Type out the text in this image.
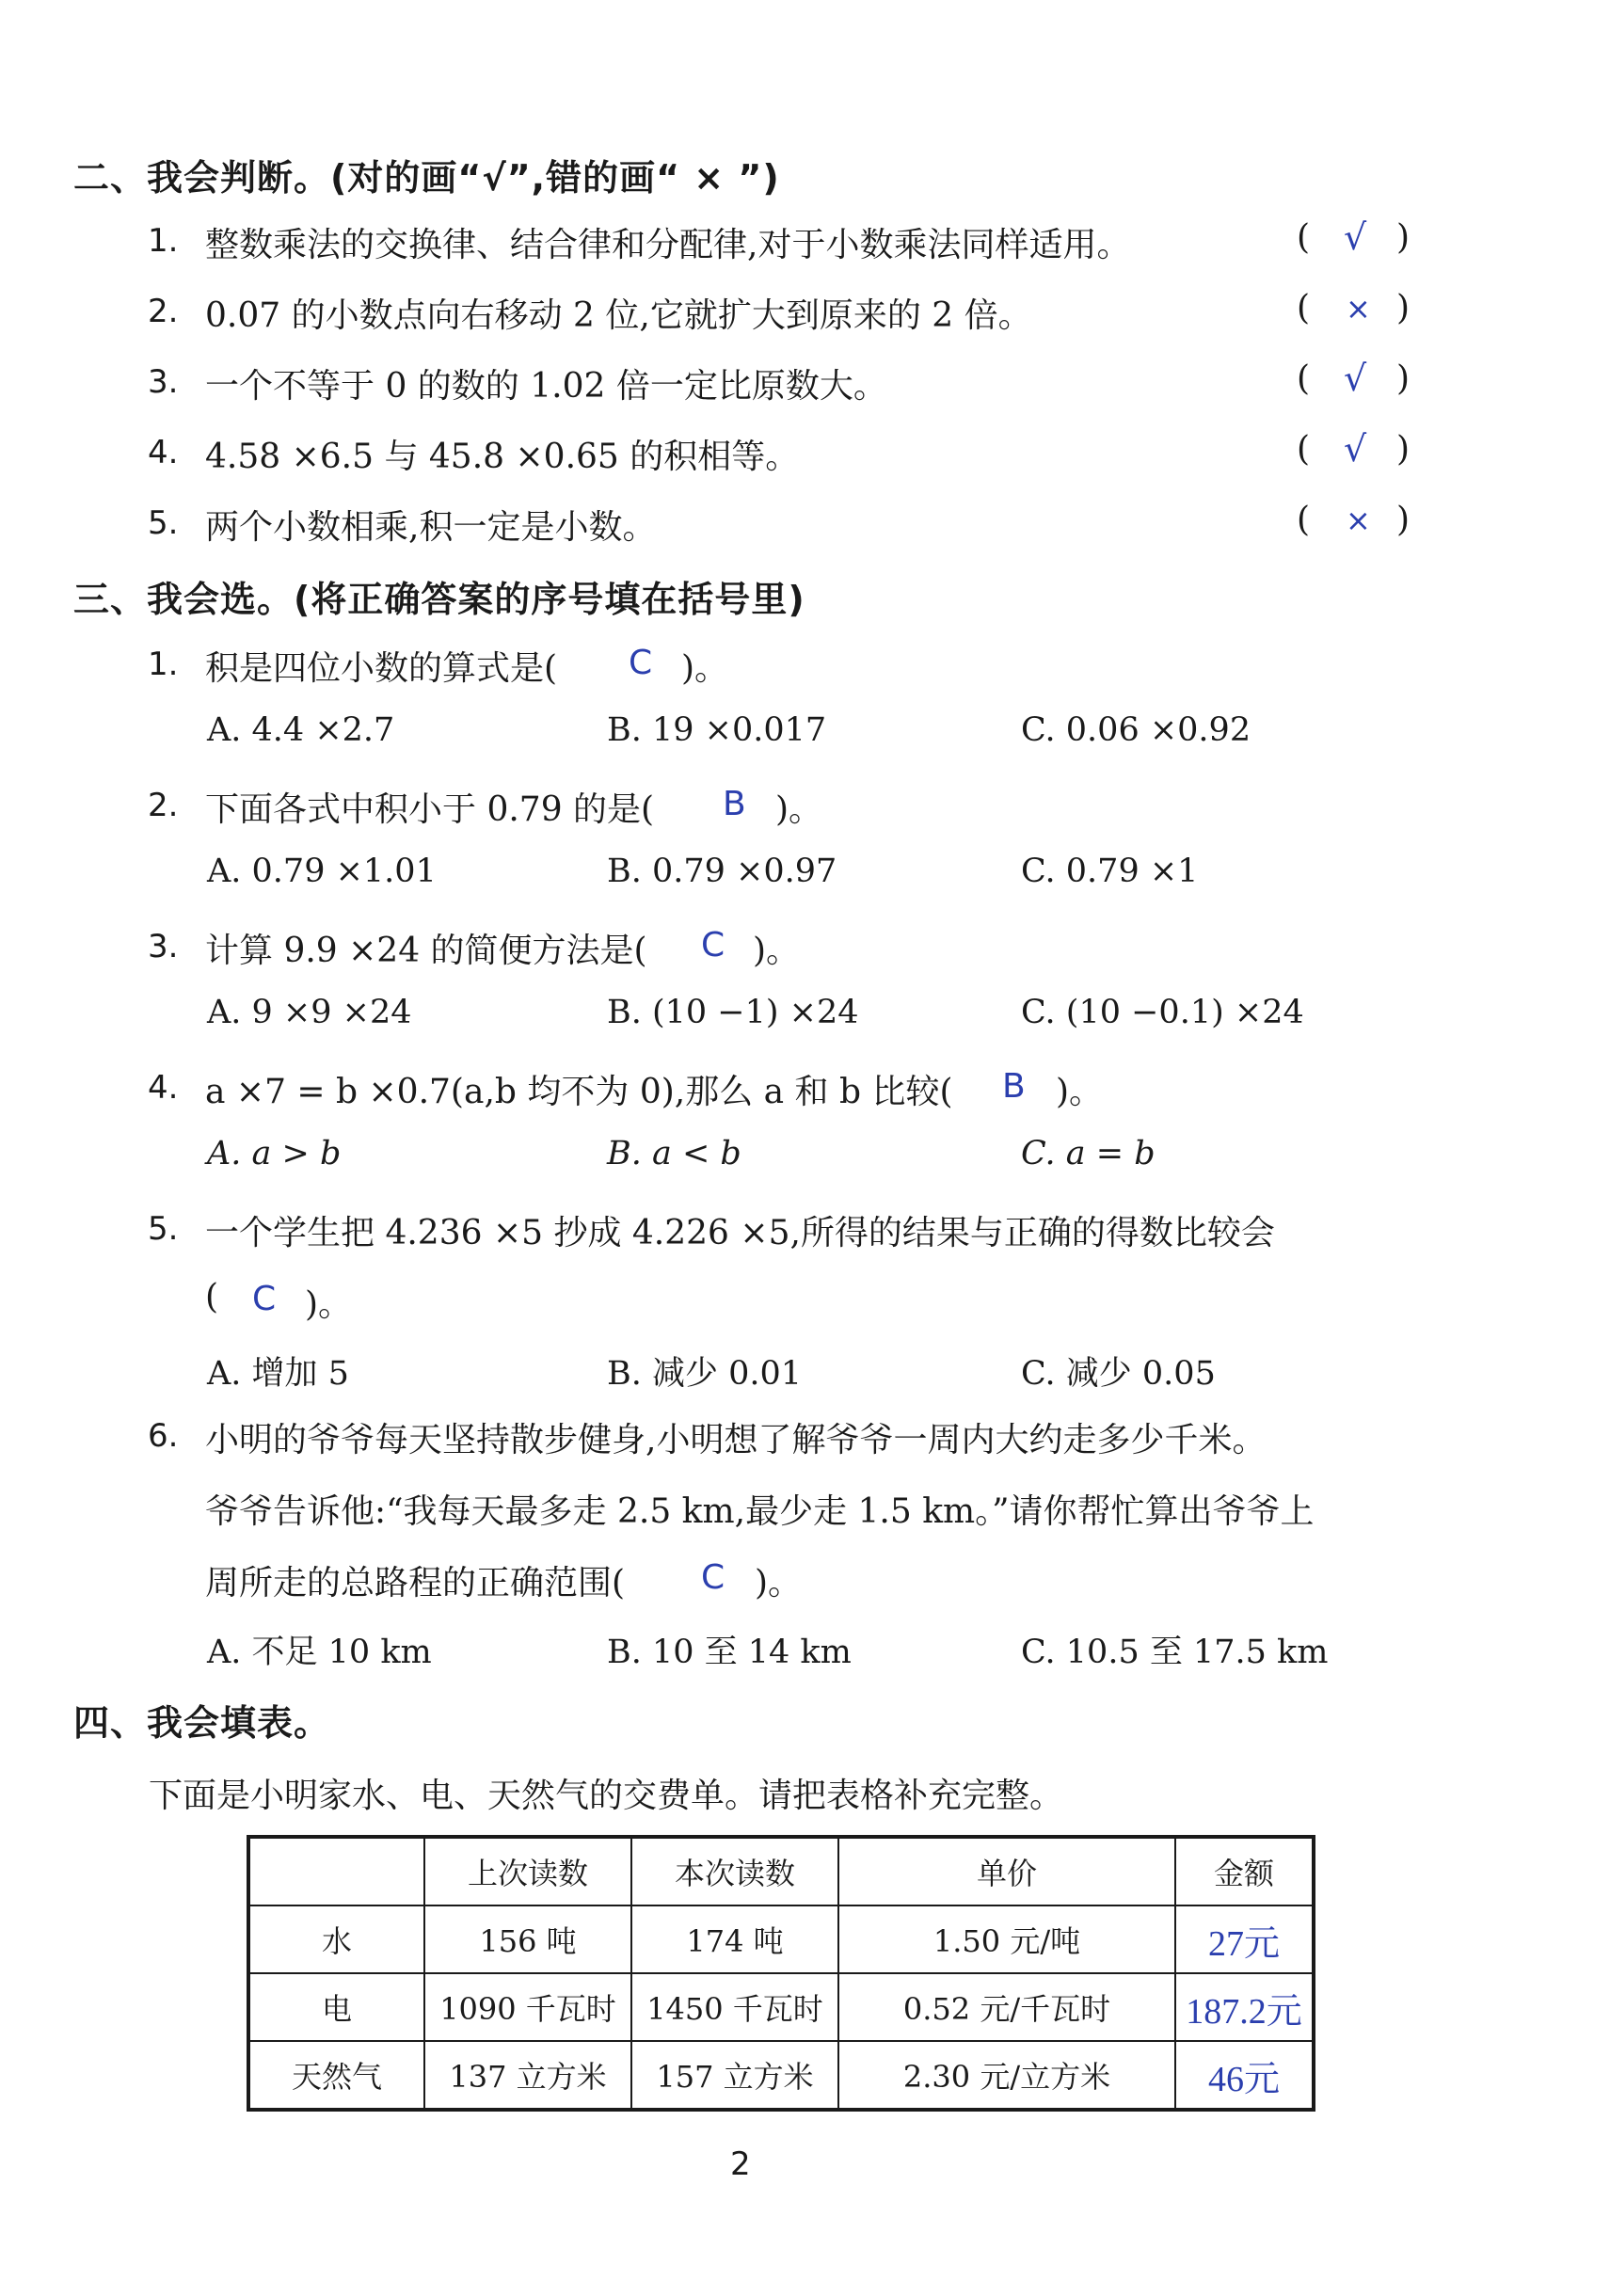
二、我会判断。(对的画“√”,错的画“ × ”)
1. 整数乘法的交换律、结合律和分配律,对于小数乘法同样适用。	( √ )
2. 0.07 的小数点向右移动 2 位,它就扩大到原来的 2 倍。	( × )
3. 一个不等于 0 的数的 1.02 倍一定比原数大。	( √ )
4. 4.58 ×6.5 与 45.8 ×0.65 的积相等。	( √ )
5. 两个小数相乘,积一定是小数。	( × )
三、我会选。(将正确答案的序号填在括号里)
1. 积是四位小数的算式是( C )。
A. 4.4 ×2.7	B. 19 ×0.017	C. 0.06 ×0.92
2. 下面各式中积小于 0.79 的是( B )。
A. 0.79 ×1.01	B. 0.79 ×0.97	C. 0.79 ×1
3. 计算 9.9 ×24 的简便方法是( C )。
A. 9 ×9 ×24	B. (10 −1) ×24	C. (10 −0.1) ×24
4. a ×7 = b ×0.7(a,b 均不为 0),那么 a 和 b 比较( B )。
A. a > b	B. a < b	C. a = b
5. 一个学生把 4.236 ×5 抄成 4.226 ×5,所得的结果与正确的得数比较会
( C )。
A. 增加 5	B. 减少 0.01	C. 减少 0.05
6. 小明的爷爷每天坚持散步健身,小明想了解爷爷一周内大约走多少千米。
爷爷告诉他:“我每天最多走 2.5 km,最少走 1.5 km。”请你帮忙算出爷爷上
周所走的总路程的正确范围( C )。
A. 不足 10 km	B. 10 至 14 km	C. 10.5 至 17.5 km
四、我会填表。
下面是小明家水、电、天然气的交费单。请把表格补充完整。
	上次读数	本次读数	单价	金额
水	156 吨	174 吨	1.50 元/吨	27元
电	1090 千瓦时	1450 千瓦时	0.52 元/千瓦时	187.2元
天然气	137 立方米	157 立方米	2.30 元/立方米	46元
2
